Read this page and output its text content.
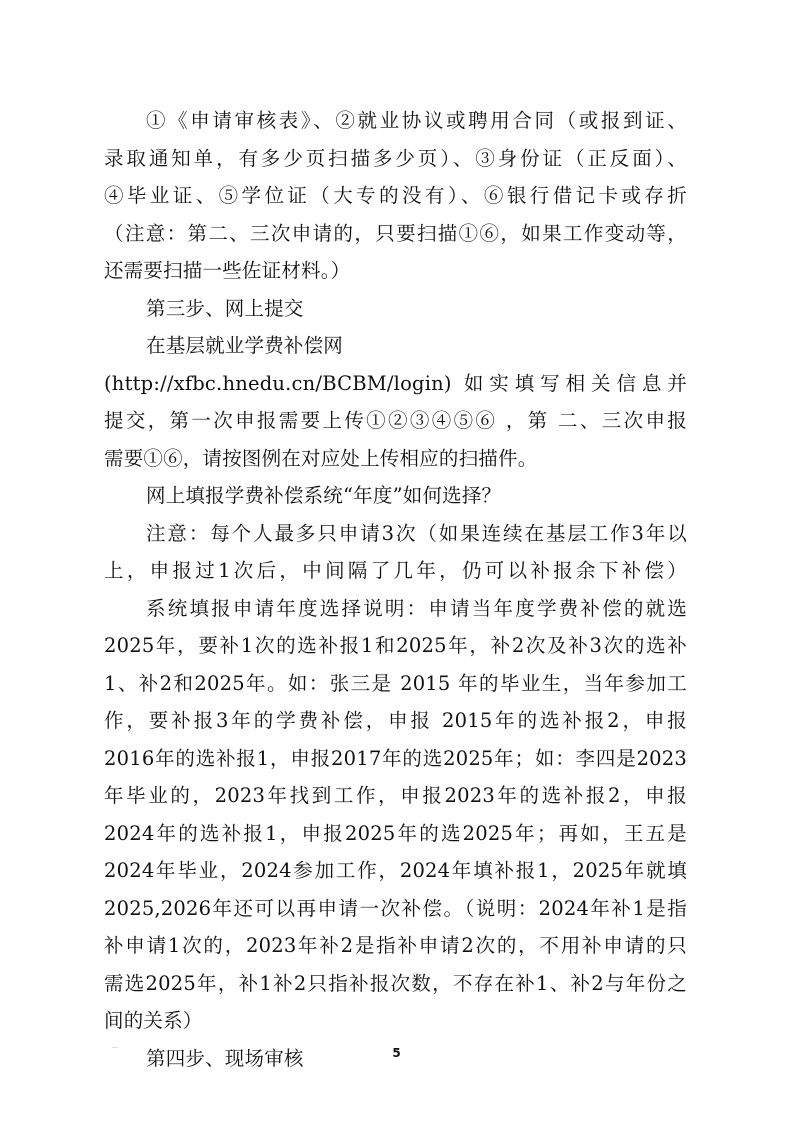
①《申请审核表》、②就业协议或聘用合同（或报到证、
录取通知单，有多少页扫描多少页）、③身份证（正反面）、
④毕业证、⑤学位证（大专的没有）、⑥银行借记卡或存折
（注意：第二、三次申请的，只要扫描①⑥，如果工作变动等，
还需要扫描一些佐证材料。）
第三步、网上提交
在基层就业学费补偿网
(http://xfbc.hnedu.cn/BCBM/login) 如实填写相关信息并
提交，第一次申报需要上传①②③④⑤⑥ ，第 二、三次申报
需要①⑥，请按图例在对应处上传相应的扫描件。
网上填报学费补偿系统“年度”如何选择？
注意：每个人最多只申请3次（如果连续在基层工作3年以
上，申报过1次后，中间隔了几年，仍可以补报余下补偿）
系统填报申请年度选择说明：申请当年度学费补偿的就选
2025年，要补1次的选补报1和2025年，补2次及补3次的选补
1、补2和2025年。如：张三是 2015 年的毕业生，当年参加工
作，要补报3年的学费补偿，申报 2015年的选补报2，申报
2016年的选补报1，申报2017年的选2025年；如：李四是2023
年毕业的，2023年找到工作，申报2023年的选补报2，申报
2024年的选补报1，申报2025年的选2025年；再如，王五是
2024年毕业，2024参加工作，2024年填补报1，2025年就填
2025,2026年还可以再申请一次补偿。（说明：2024年补1是指
补申请1次的，2023年补2是指补申请2次的，不用补申请的只
需选2025年，补1补2只指补报次数，不存在补1、补2与年份之
间的关系）
第四步、现场审核	5
